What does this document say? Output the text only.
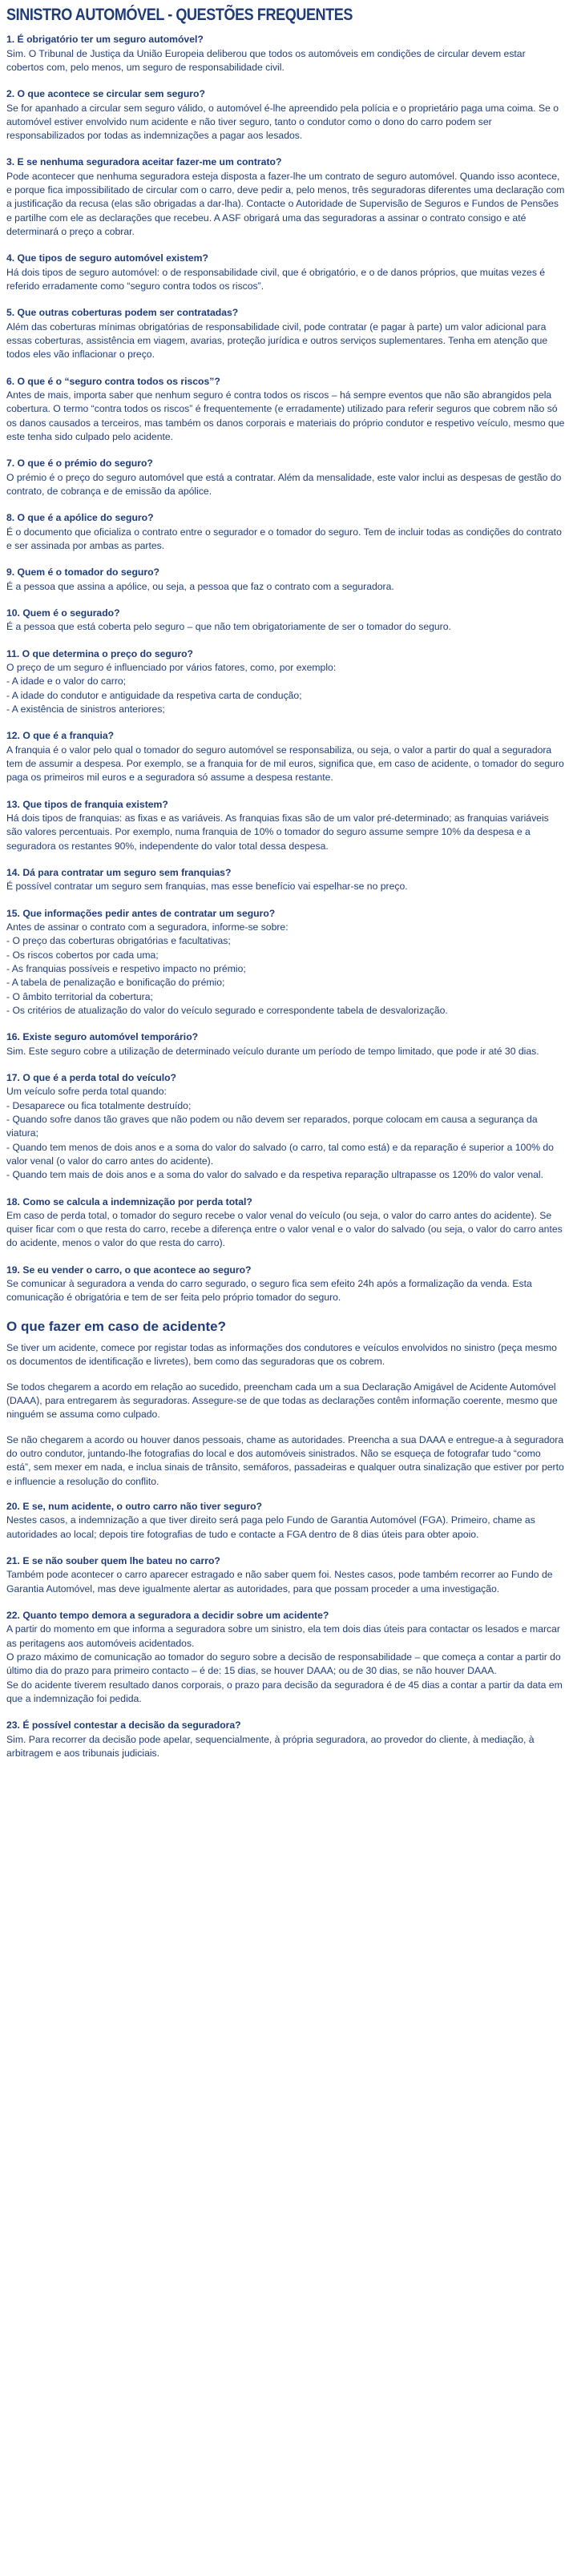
SINISTRO AUTOMÓVEL - QUESTÕES FREQUENTES
1. É obrigatório ter um seguro automóvel?

Sim. O Tribunal de Justiça da União Europeia deliberou que todos os automóveis em condições de circular devem estar cobertos com, pelo menos, um seguro de responsabilidade civil.

2. O que acontece se circular sem seguro?

Se for apanhado a circular sem seguro válido, o automóvel é-lhe apreendido pela polícia e o proprietário paga uma coima. Se o automóvel estiver envolvido num acidente e não tiver seguro, tanto o condutor como o dono do carro podem ser responsabilizados por todas as indemnizações a pagar aos lesados.

3. E se nenhuma seguradora aceitar fazer-me um contrato?

Pode acontecer que nenhuma seguradora esteja disposta a fazer-lhe um contrato de seguro automóvel. Quando isso acontece, e porque fica impossibilitado de circular com o carro, deve pedir a, pelo menos, três seguradoras diferentes uma declaração com a justificação da recusa (elas são obrigadas a dar-lha). Contacte o Autoridade de Supervisão de Seguros e Fundos de Pensões e partilhe com ele as declarações que recebeu. A ASF obrigará uma das seguradoras a assinar o contrato consigo e até determinará o preço a cobrar.

4. Que tipos de seguro automóvel existem?

Há dois tipos de seguro automóvel: o de responsabilidade civil, que é obrigatório, e o de danos próprios, que muitas vezes é referido erradamente como “seguro contra todos os riscos”.

5. Que outras coberturas podem ser contratadas?

Além das coberturas mínimas obrigatórias de responsabilidade civil, pode contratar (e pagar à parte) um valor adicional para essas coberturas, assistência em viagem, avarias, proteção jurídica e outros serviços suplementares. Tenha em atenção que todos eles vão inflacionar o preço.

6. O que é o “seguro contra todos os riscos”?

Antes de mais, importa saber que nenhum seguro é contra todos os riscos – há sempre eventos que não são abrangidos pela cobertura. O termo “contra todos os riscos” é frequentemente (e erradamente) utilizado para referir seguros que cobrem não só os danos causados a terceiros, mas também os danos corporais e materiais do próprio condutor e respetivo veículo, mesmo que este tenha sido culpado pelo acidente.

7. O que é o prémio do seguro?

O prémio é o preço do seguro automóvel que está a contratar. Além da mensalidade, este valor inclui as despesas de gestão do contrato, de cobrança e de emissão da apólice.

8. O que é a apólice do seguro?

É o documento que oficializa o contrato entre o segurador e o tomador do seguro. Tem de incluir todas as condições do contrato e ser assinada por ambas as partes.

9. Quem é o tomador do seguro?

É a pessoa que assina a apólice, ou seja, a pessoa que faz o contrato com a seguradora.

10. Quem é o segurado?

É a pessoa que está coberta pelo seguro – que não tem obrigatoriamente de ser o tomador do seguro.

11. O que determina o preço do seguro?

O preço de um seguro é influenciado por vários fatores, como, por exemplo:

- A idade e o valor do carro;

- A idade do condutor e antiguidade da respetiva carta de condução;

- A existência de sinistros anteriores;

12. O que é a franquia?

A franquia é o valor pelo qual o tomador do seguro automóvel se responsabiliza, ou seja, o valor a partir do qual a seguradora tem de assumir a despesa. Por exemplo, se a franquia for de mil euros, significa que, em caso de acidente, o tomador do seguro paga os primeiros mil euros e a seguradora só assume a despesa restante.

13. Que tipos de franquia existem?

Há dois tipos de franquias: as fixas e as variáveis. As franquias fixas são de um valor pré-determinado; as franquias variáveis são valores percentuais. Por exemplo, numa franquia de 10% o tomador do seguro assume sempre 10% da despesa e a seguradora os restantes 90%, independente do valor total dessa despesa.

14. Dá para contratar um seguro sem franquias?

É possível contratar um seguro sem franquias, mas esse benefício vai espelhar-se no preço.

15. Que informações pedir antes de contratar um seguro?

Antes de assinar o contrato com a seguradora, informe-se sobre:

- O preço das coberturas obrigatórias e facultativas;

- Os riscos cobertos por cada uma;

- As franquias possíveis e respetivo impacto no prémio;

- A tabela de penalização e bonificação do prémio;

- O âmbito territorial da cobertura;

- Os critérios de atualização do valor do veículo segurado e correspondente tabela de desvalorização.

16. Existe seguro automóvel temporário?

Sim. Este seguro cobre a utilização de determinado veículo durante um período de tempo limitado, que pode ir até 30 dias.

17. O que é a perda total do veículo?

Um veículo sofre perda total quando:

- Desaparece ou fica totalmente destruído;

- Quando sofre danos tão graves que não podem ou não devem ser reparados, porque colocam em causa a segurança da viatura;

- Quando tem menos de dois anos e a soma do valor do salvado (o carro, tal como está) e da reparação é superior a 100% do valor venal (o valor do carro antes do acidente).

- Quando tem mais de dois anos e a soma do valor do salvado e da respetiva reparação ultrapasse os 120% do valor venal.

18. Como se calcula a indemnização por perda total?

Em caso de perda total, o tomador do seguro recebe o valor venal do veículo (ou seja, o valor do carro antes do acidente). Se quiser ficar com o que resta do carro, recebe a diferença entre o valor venal e o valor do salvado (ou seja, o valor do carro antes do acidente, menos o valor do que resta do carro).

19. Se eu vender o carro, o que acontece ao seguro?

Se comunicar à seguradora a venda do carro segurado, o seguro fica sem efeito 24h após a formalização da venda. Esta comunicação é obrigatória e tem de ser feita pelo próprio tomador do seguro.

O que fazer em caso de acidente?

Se tiver um acidente, comece por registar todas as informações dos condutores e veículos envolvidos no sinistro (peça mesmo os documentos de identificação e livretes), bem como das seguradoras que os cobrem.

Se todos chegarem a acordo em relação ao sucedido, preencham cada um a sua Declaração Amigável de Acidente Automóvel (DAAA), para entregarem às seguradoras. Assegure-se de que todas as declarações contêm informação coerente, mesmo que ninguém se assuma como culpado.

Se não chegarem a acordo ou houver danos pessoais, chame as autoridades. Preencha a sua DAAA e entregue-a à seguradora do outro condutor, juntando-lhe fotografias do local e dos automóveis sinistrados. Não se esqueça de fotografar tudo “como está”, sem mexer em nada, e inclua sinais de trânsito, semáforos, passadeiras e qualquer outra sinalização que estiver por perto e influencie a resolução do conflito.

20. E se, num acidente, o outro carro não tiver seguro?

Nestes casos, a indemnização a que tiver direito será paga pelo Fundo de Garantia Automóvel (FGA). Primeiro, chame as autoridades ao local; depois tire fotografias de tudo e contacte a FGA dentro de 8 dias úteis para obter apoio.

21. E se não souber quem lhe bateu no carro?

Também pode acontecer o carro aparecer estragado e não saber quem foi. Nestes casos, pode também recorrer ao Fundo de Garantia Automóvel, mas deve igualmente alertar as autoridades, para que possam proceder a uma investigação.

22. Quanto tempo demora a seguradora a decidir sobre um acidente?

A partir do momento em que informa a seguradora sobre um sinistro, ela tem dois dias úteis para contactar os lesados e marcar as peritagens aos automóveis acidentados.

O prazo máximo de comunicação ao tomador do seguro sobre a decisão de responsabilidade – que começa a contar a partir do último dia do prazo para primeiro contacto – é de: 15 dias, se houver DAAA; ou de 30 dias, se não houver DAAA.

Se do acidente tiverem resultado danos corporais, o prazo para decisão da seguradora é de 45 dias a contar a partir da data em que a indemnização foi pedida.

23. É possível contestar a decisão da seguradora?

Sim. Para recorrer da decisão pode apelar, sequencialmente, à própria seguradora, ao provedor do cliente, à mediação, à arbitragem e aos tribunais judiciais.
